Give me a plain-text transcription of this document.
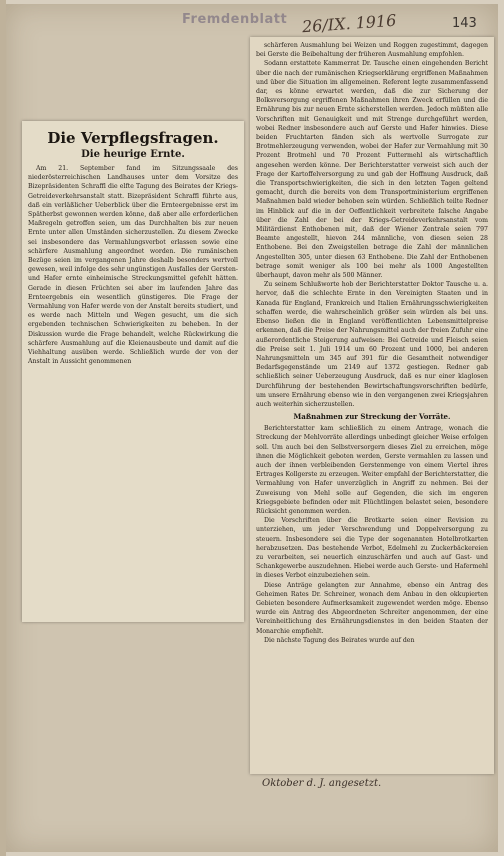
Fremdenblatt 26/IX. 1916	143
Die Verpflegsfragen.
Die heurige Ernte.

Am 21. September fand im Sitzungssaale des niederösterreichischen Landhauses unter dem Vorsitze des Bizepräsidenten Schraffl die elfte Tagung des Beirates der Kriegs-Getreideverkehrsanstalt statt. Bizepräsident Schraffl führte aus, daß ein verläßlicher Ueberblick über die Ernteergebnisse erst im Spätherbst gewonnen werden könne, daß aber alle erforderlichen Maßregeln getroffen seien, um das Durchhalten bis zur neuen Ernte unter allen Umständen sicherzustellen. Zu diesem Zwecke sei insbesondere das Vermahlungsverbot erlassen sowie eine schärfere Ausmahlung angeordnet worden. Die rumänischen Bezüge seien im vergangenen Jahre deshalb besonders wertvoll gewesen, weil infolge des sehr ungünstigen Ausfalles der Gersten- und Hafer ernte einheimische Streckungsmittel gefehlt hätten. Gerade in diesen Früchten sei aber im laufenden Jahre das Ernteergebnis ein wesentlich günstigeres. Die Frage der Vermahlung von Hafer werde von der Anstalt bereits studiert, und es werde nach Mitteln und Wegen gesucht, um die sich ergebenden technischen Schwierigkeiten zu beheben. In der Diskussion wurde die Frage behandelt, welche Rückwirkung die schärfere Ausmahlung auf die Kleienausbeute und damit auf die Viehhaltung ausüben werde. Schließlich wurde der von der Anstalt in Aussicht genommenen

schärferen Ausmahlung bei Weizen und Roggen zugestimmt, dagegen bei Gerste die Beibehaltung der früheren Ausmahlung empfohlen.

Sodann erstattete Kammerrat Dr. Tausche einen eingehenden Bericht über die nach der rumänischen Kriegserklärung ergriffenen Maßnahmen und über die Situation im allgemeinen. Referent legte zusammenfassend dar, es könne erwartet werden, daß die zur Sicherung der Bolksversorgung ergriffenen Maßnahmen ihren Zweck erfüllen und die Ernährung bis zur neuen Ernte sicherstellen werden. Jedoch müßten alle Vorschriften mit Genauigkeit und mit Strenge durchgeführt werden, wobei Redner insbesondere auch auf Gerste und Hafer hinwies. Diese beiden Fruchtarten fänden sich als wertvolle Surrogate zur Brotmehlerzeugung verwenden, wobei der Hafer zur Vermahlung mit 30 Prozent Brotmehl und 70 Prozent Futtermehl als wirtschaftlich angesehen werden könne. Der Berichterstatter verweist sich auch der Frage der Kartoffelversorgung zu und gab der Hoffnung Ausdruck, daß die Transportschwierigkeiten, die sich in den letzten Tagen geltend gemacht, durch die bereits von dem Transportministerium ergriffenen Maßnahmen bald wieder behoben sein würden. Schließlich teilte Redner im Hinblick auf die in der Oeffentlichkeit verbreitete falsche Angabe über die Zahl der bei der Kriegs-Getreideverkehrsanstalt vom Militärdienst Enthobenen mit, daß der Wiener Zentrale seien 797 Beamte angestellt, hievon 244 männliche, von diesen seien 28 Enthobene. Bei den Zweigstellen betrage die Zahl der männlichen Angestellten 305, unter diesen 63 Enthobene. Die Zahl der Enthobenen betrage somit weniger als 100 bei mehr als 1000 Angestellten überhaupt, davon mehr als 500 Männer.

Zu seinem Schlußworte hob der Berichterstatter Doktor Tausche u. a. hervor, daß die schlechte Ernte in den Vereinigten Staaten und in Kanada für England, Frankreich und Italien Ernährungsschwierigkeiten schaffen werde, die wahrscheinlich größer sein würden als bei uns. Ebenso ließen die in England veröffentlichten Lebensmittelpreise erkennen, daß die Preise der Nahrungsmittel auch der freien Zufuhr eine außerordentliche Steigerung aufweisen: Bei Getreide und Fleisch seien die Preise seit 1. Juli 1914 um 60 Prozent und 1000, bei anderen Nahrungsmitteln um 345 auf 391 für die Gesamtheit notwendiger Bedarfsgegenstände um 2149 auf 1372 gestiegen. Redner gab schließlich seiner Ueberzeugung Ausdruck, daß es nur einer klaglosen Durchführung der bestehenden Bewirtschaftungsvorschriften bedürfe, um unsere Ernährung ebenso wie in den vergangenen zwei Kriegsjahren auch weiterhin sicherzustellen.

Maßnahmen zur Streckung der Vorräte.

Berichterstatter kam schließlich zu einem Antrage, wonach die Streckung der Mehlvorräte allerdings unbedingt gleicher Weise erfolgen soll. Um auch bei den Selbstversorgern dieses Ziel zu erreichen, möge ihnen die Möglichkeit geboten werden, Gerste vermahlen zu lassen und auch der ihnen verbleibenden Gerstenmenge von einem Viertel ihres Ertrages Kollgerste zu erzeugen. Weiter empfahl der Berichterstatter, die Vermahlung von Hafer unverzüglich in Angriff zu nehmen. Bei der Zuweisung von Mehl solle auf Gegenden, die sich im engeren Kriegsgebiete befinden oder mit Flüchtlingen belastet seien, besondere Rücksicht genommen werden.

Die Vorschriften über die Brotkarte seien einer Revision zu unterziehen, um jeder Verschwendung und Doppelversorgung zu steuern. Insbesondere sei die Type der sogenannten Hotelbrotkarten herabzusetzen. Das bestehende Verbot, Edelmehl zu Zuckerbäckereien zu verarbeiten, sei neuerlich einzuschärfen und auch auf Gast- und Schankgewerbe auszudehnen. Hiebei werde auch Gerste- und Hafermehl in dieses Verbot einzubeziehen sein.

Diese Anträge gelangten zur Annahme, ebenso ein Antrag des Geheimen Rates Dr. Schreiner, wonach dem Anbau in den okkupierten Gebieten besondere Aufmerksamkeit zugewendet werden möge. Ebenso wurde ein Antrag des Abgeordneten Schreiter angenommen, der eine Vereinheitlichung des Ernährungsdienstes in den beiden Staaten der Monarchie empfiehlt.

Die nächste Tagung des Beirates wurde auf den

Oktober d. J. angesetzt.
